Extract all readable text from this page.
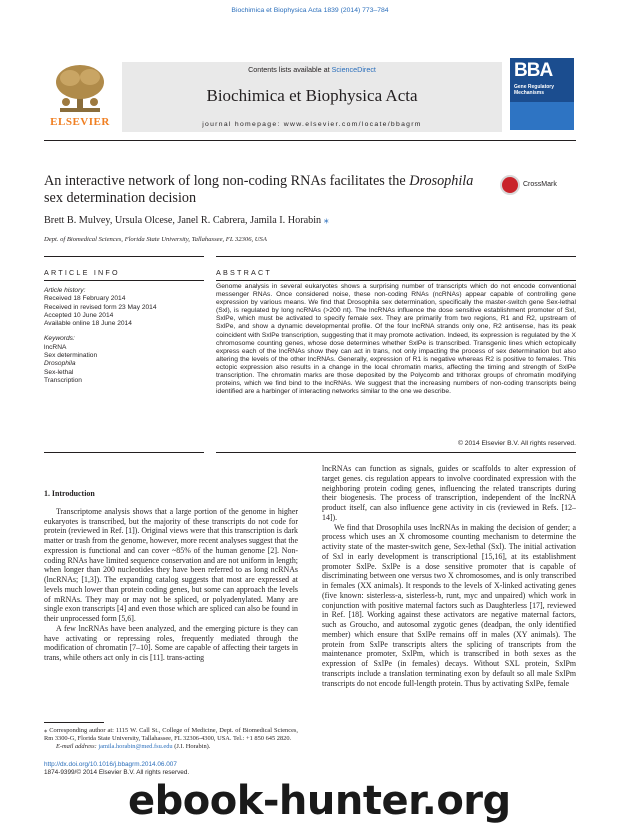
Biochimica et Biophysica Acta 1839 (2014) 773–784
ELSEVIER
Contents lists available at ScienceDirect
Biochimica et Biophysica Acta
journal homepage: www.elsevier.com/locate/bbagrm
BBA
Gene Regulatory Mechanisms
An interactive network of long non-coding RNAs facilitates the Drosophila sex determination decision
CrossMark
Brett B. Mulvey, Ursula Olcese, Janel R. Cabrera, Jamila I. Horabin ⁎
Dept. of Biomedical Sciences, Florida State University, Tallahassee, FL 32306, USA
ARTICLE INFO	ABSTRACT
Article history:
Received 18 February 2014
Received in revised form 23 May 2014
Accepted 10 June 2014
Available online 18 June 2014
Keywords:
lncRNA
Sex determination
Drosophila
Sex-lethal
Transcription
Genome analysis in several eukaryotes shows a surprising number of transcripts which do not encode conventional messenger RNAs. Once considered noise, these non-coding RNAs (ncRNAs) appear capable of controlling gene expression by various means. We find that Drosophila sex determination, specifically the master-switch gene Sex-lethal (Sxl), is regulated by long ncRNAs (>200 nt). The lncRNAs influence the dose sensitive establishment promoter of Sxl, SxlPe, which must be activated to specify female sex. They are primarily from two regions, R1 and R2, upstream of SxlPe, and show a dynamic developmental profile. Of the four lncRNA strands only one, R2 antisense, has its peak coincident with SxlPe transcription, suggesting that it may promote activation. Indeed, its expression is regulated by the X chromosome counting genes, whose dose determines whether SxlPe is transcribed. Transgenic lines which ectopically express each of the lncRNAs show they can act in trans, not only impacting the process of sex determination but also altering the levels of the other lncRNAs. Generally, expression of R1 is negative whereas R2 is positive to females. This ectopic expression also results in a change in the local chromatin marks, affecting the timing and strength of SxlPe transcription. The chromatin marks are those deposited by the Polycomb and trithorax groups of chromatin modifying proteins, which we find bind to the lncRNAs. We suggest that the increasing numbers of non-coding transcripts being identified are a harbinger of interacting networks similar to the one we describe.
© 2014 Elsevier B.V. All rights reserved.
1. Introduction

Transcriptome analysis shows that a large portion of the genome in higher eukaryotes is transcribed, but the majority of these transcripts do not code for protein (reviewed in Ref. [1]). Original views were that this transcription is dark matter or trash from the genome, however, more recent analyses suggest that the expression is functional and can cover ~85% of the human genome [2]. Non-coding RNAs have limited sequence conservation and are not uniform in length; when longer than 200 nucleotides they have been referred to as long ncRNAs (lncRNAs; [1,3]). The expanding catalog suggests that most are expressed at levels much lower than protein coding genes, but some can approach the levels of mRNAs. They may or may not be spliced, or polyadenylated. Many are single exon transcripts [4] and even those which are spliced can also be found in their unprocessed form [5,6].

A few lncRNAs have been analyzed, and the emerging picture is they can have activating or repressing roles, frequently mediated through the modification of chromatin [7–10]. Some are capable of affecting their targets in trans, while others act only in cis [11]. trans-acting

lncRNAs can function as signals, guides or scaffolds to alter expression of target genes. cis regulation appears to involve coordinated expression with the neighboring protein coding genes, influencing the related transcripts during their biogenesis. The process of transcription, independent of the lncRNA product itself, can also influence gene activity in cis (reviewed in Refs. [12–14]).

We find that Drosophila uses lncRNAs in making the decision of gender; a process which uses an X chromosome counting mechanism to determine the activity state of the master-switch gene, Sex-lethal (Sxl). The initial activation of Sxl in early development is transcriptional [15,16], at its establishment promoter SxlPe. SxlPe is a dose sensitive promoter that is capable of discriminating between one versus two X chromosomes, and is only transcribed in females (XX animals). It responds to the levels of X-linked activating genes (five known: sisterless-a, sisterless-b, runt, myc and unpaired) which work in conjunction with positive maternal factors such as Daughterless [17], reviewed in Ref. [18]. Working against these activators are negative maternal factors, such as Groucho, and autosomal zygotic genes (deadpan, the only identified member) which ensure that SxlPe remains off in males (XY animals). The protein from SxlPe transcripts alters the splicing of transcripts from the maintenance promoter, SxlPm, which is transcribed in both sexes as the expression of SxlPe (in females) decays. Without SXL protein, SxlPm transcripts include a translation terminating exon by default so all male SxlPm transcripts do not encode full-length protein. Thus by activating SxlPe, female

⁎ Corresponding author at: 1115 W. Call St., College of Medicine, Dept. of Biomedical Sciences, Rm 3300-G, Florida State University, Tallahassee, FL 32306-4300, USA. Tel.: +1 850 645 2820.
E-mail address: jamila.horabin@med.fsu.edu (J.I. Horabin).
http://dx.doi.org/10.1016/j.bbagrm.2014.06.007
1874-9399/© 2014 Elsevier B.V. All rights reserved.
ebook-hunter.org
